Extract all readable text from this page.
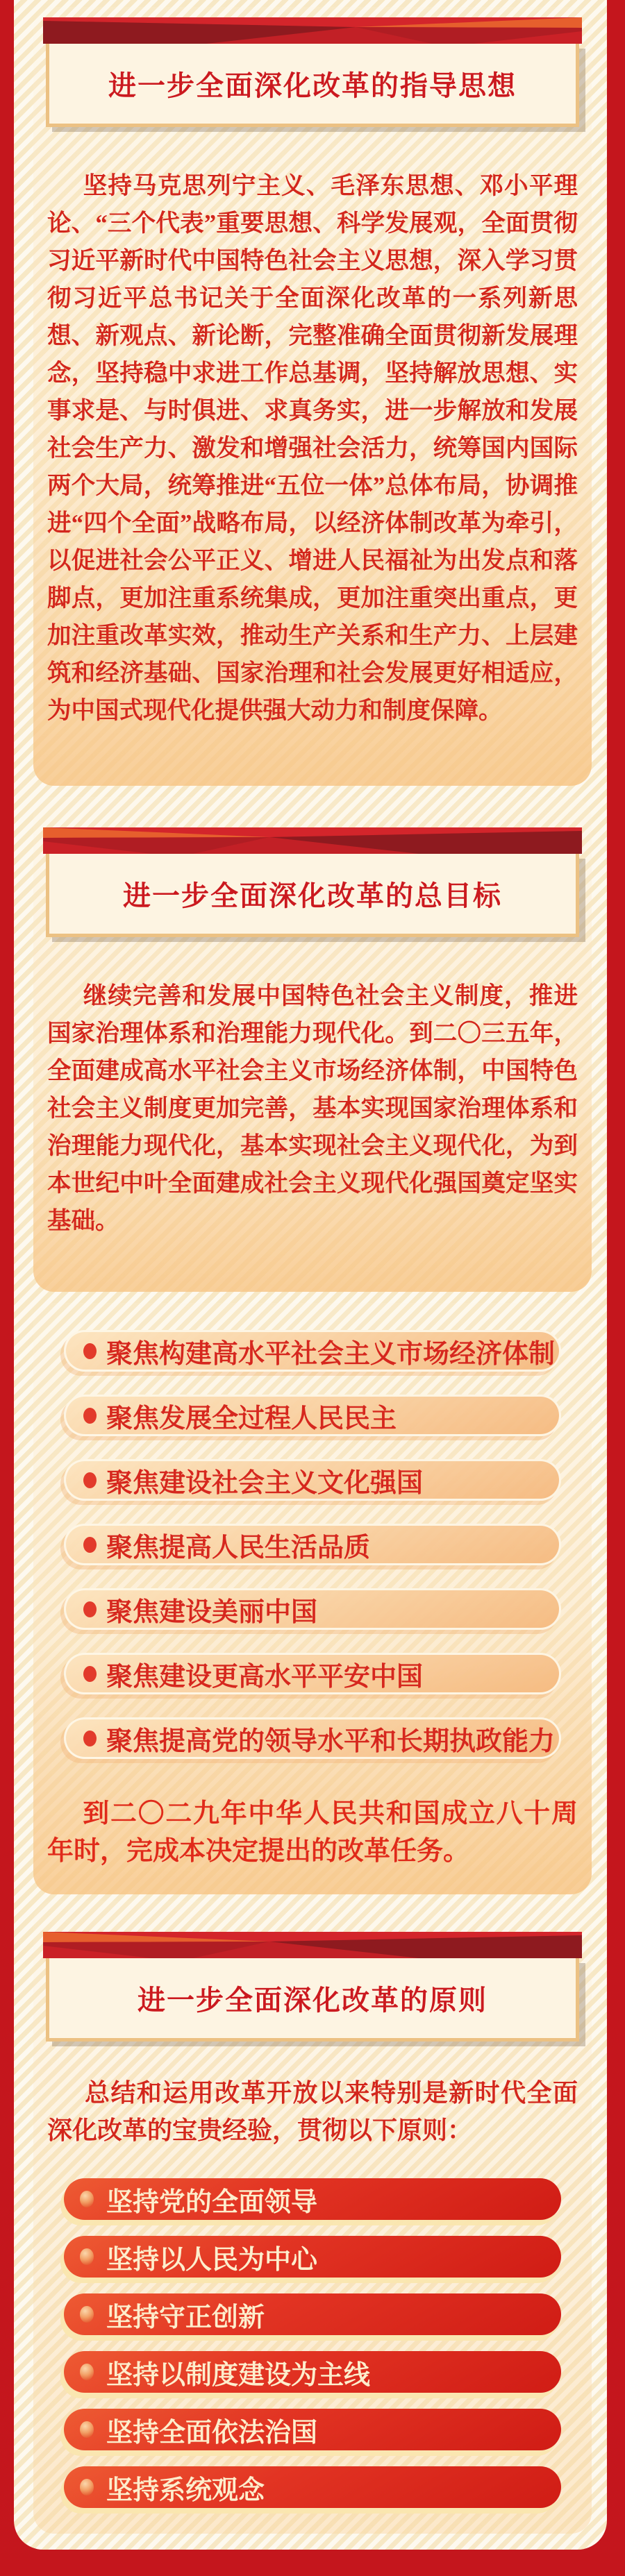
进一步全面深化改革的指导思想

坚持马克思列宁主义、毛泽东思想、邓小平理论、“三个代表”重要思想、科学发展观，全面贯彻习近平新时代中国特色社会主义思想，深入学习贯彻习近平总书记关于全面深化改革的一系列新思想、新观点、新论断，完整准确全面贯彻新发展理念，坚持稳中求进工作总基调，坚持解放思想、实事求是、与时俱进、求真务实，进一步解放和发展社会生产力、激发和增强社会活力，统筹国内国际两个大局，统筹推进“五位一体”总体布局，协调推进“四个全面”战略布局，以经济体制改革为牵引，以促进社会公平正义、增进人民福祉为出发点和落脚点，更加注重系统集成，更加注重突出重点，更加注重改革实效，推动生产关系和生产力、上层建筑和经济基础、国家治理和社会发展更好相适应，为中国式现代化提供强大动力和制度保障。

进一步全面深化改革的总目标

继续完善和发展中国特色社会主义制度，推进国家治理体系和治理能力现代化。到二〇三五年，全面建成高水平社会主义市场经济体制，中国特色社会主义制度更加完善，基本实现国家治理体系和治理能力现代化，基本实现社会主义现代化，为到本世纪中叶全面建成社会主义现代化强国奠定坚实基础。

聚焦构建高水平社会主义市场经济体制
聚焦发展全过程人民民主
聚焦建设社会主义文化强国
聚焦提高人民生活品质
聚焦建设美丽中国
聚焦建设更高水平平安中国
聚焦提高党的领导水平和长期执政能力

到二〇二九年中华人民共和国成立八十周年时，完成本决定提出的改革任务。

进一步全面深化改革的原则

总结和运用改革开放以来特别是新时代全面深化改革的宝贵经验，贯彻以下原则：

坚持党的全面领导
坚持以人民为中心
坚持守正创新
坚持以制度建设为主线
坚持全面依法治国
坚持系统观念
